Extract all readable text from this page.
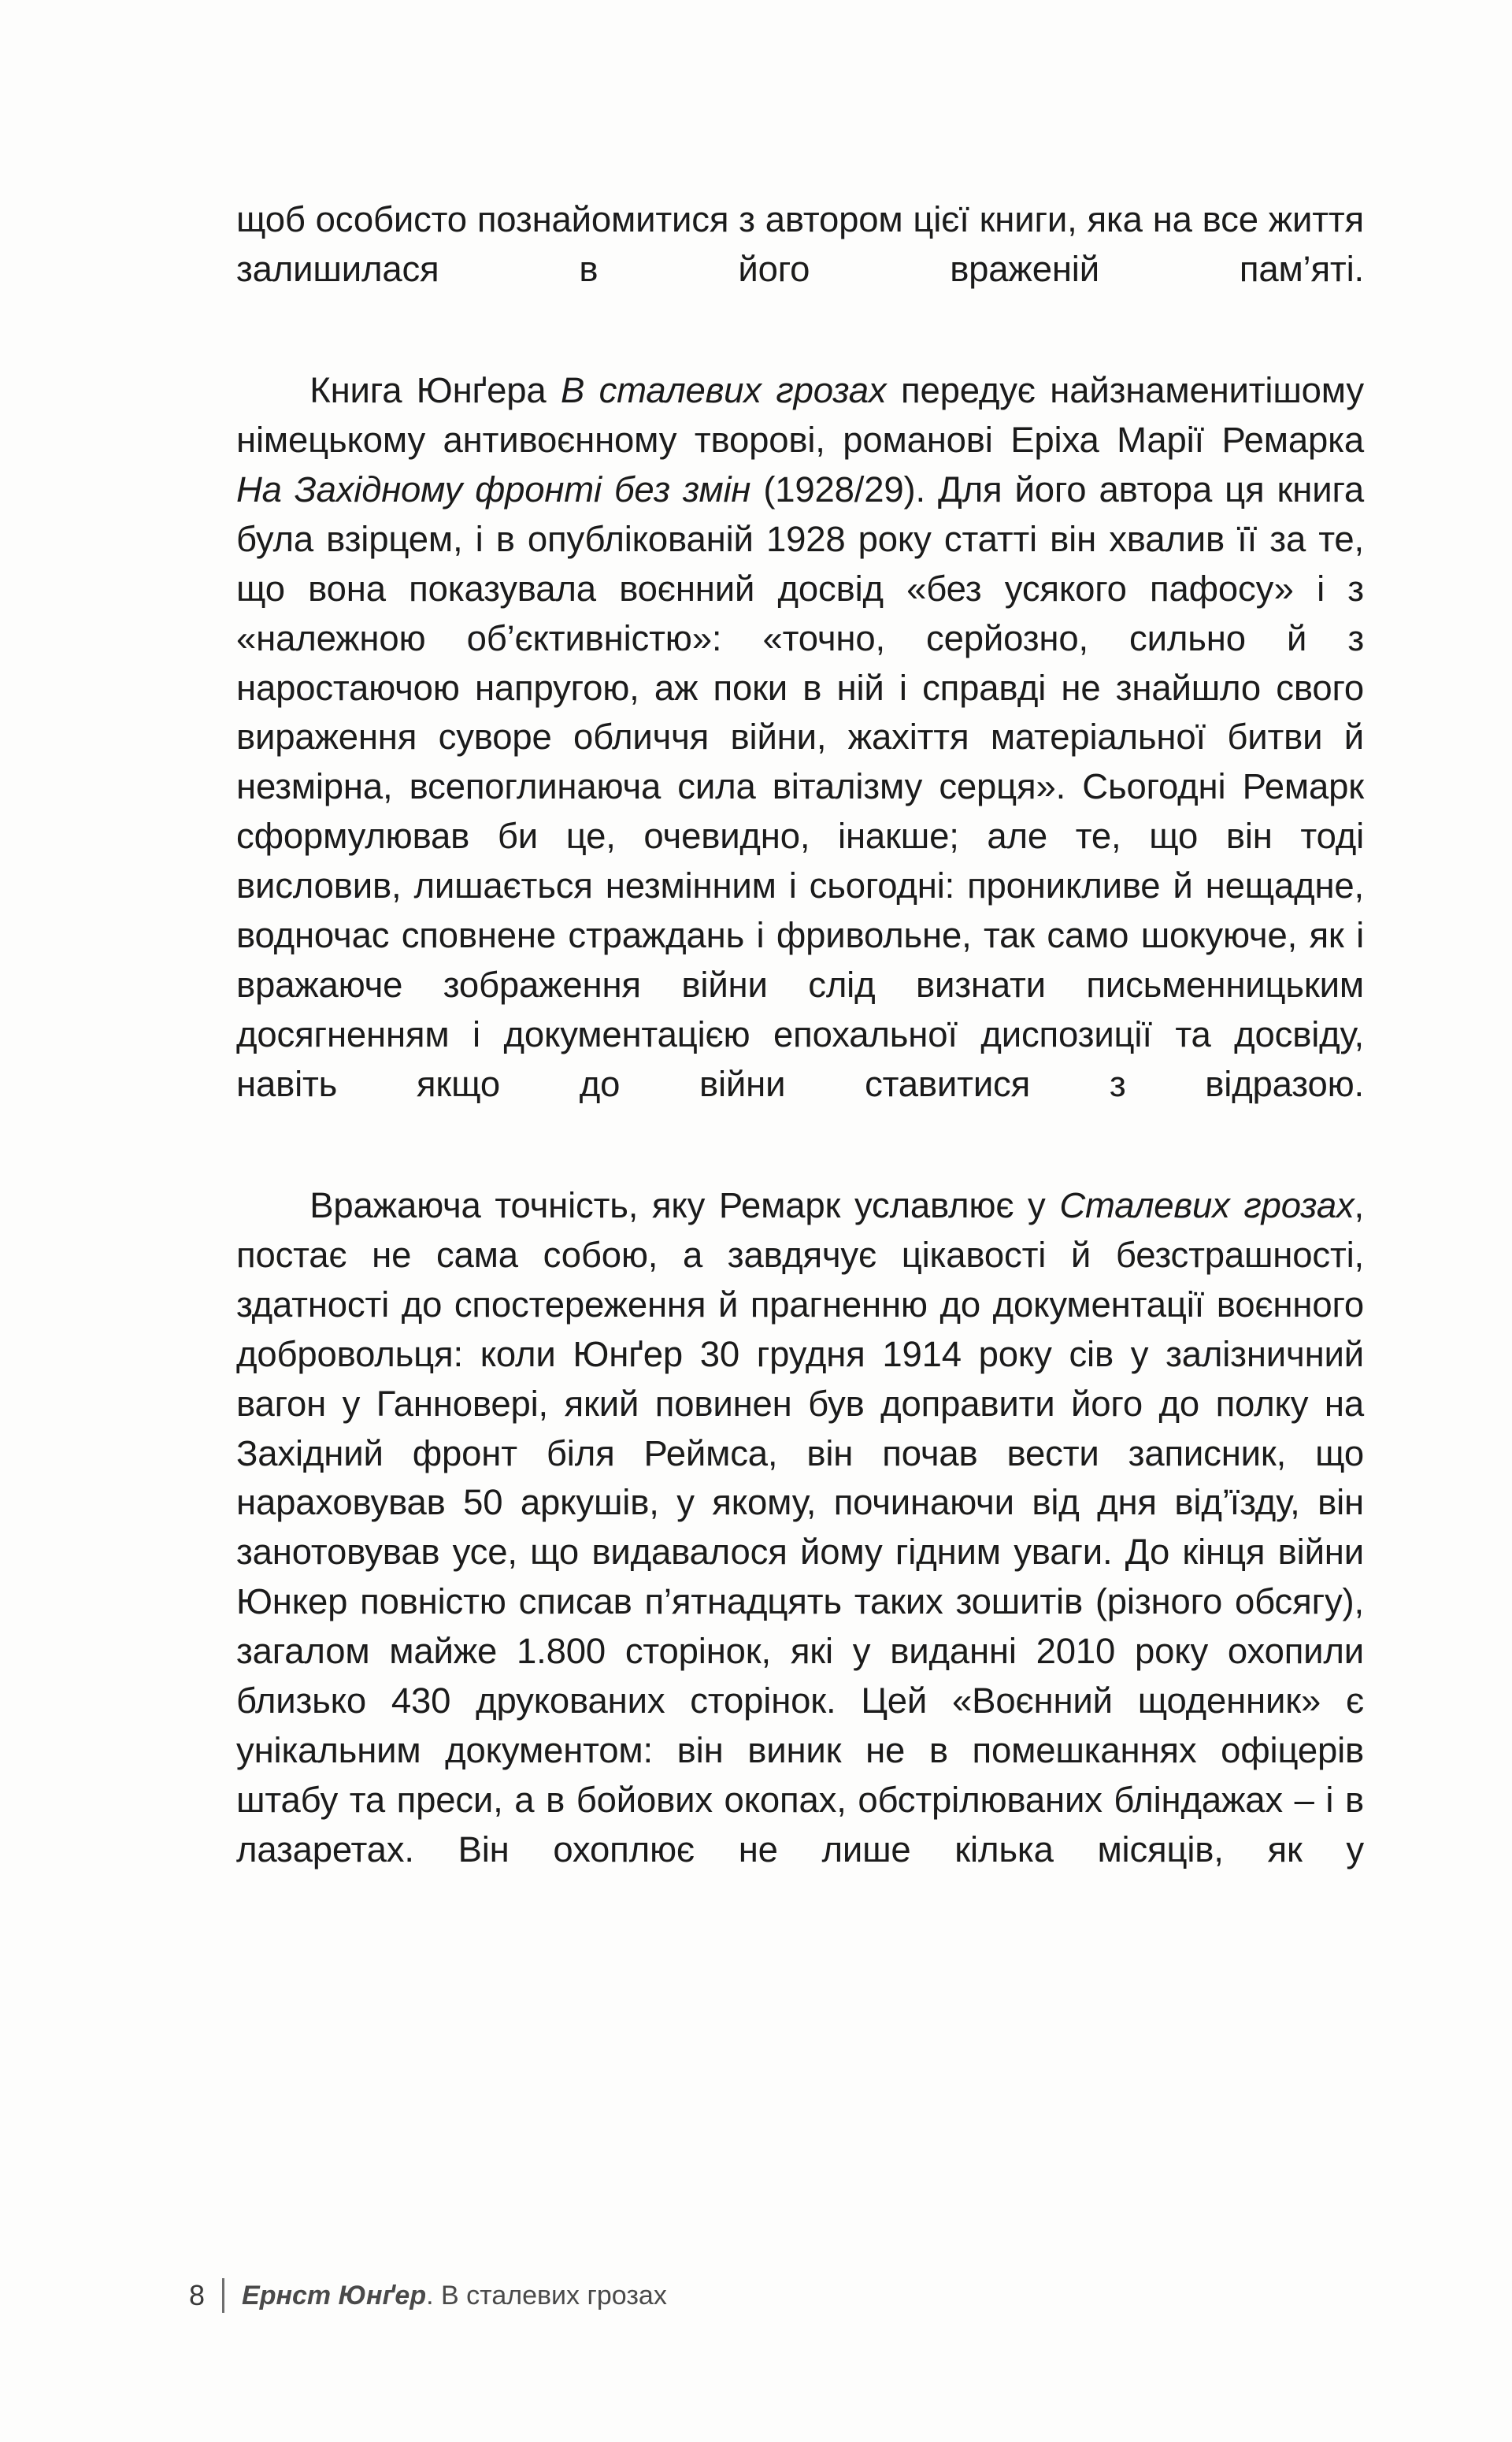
щоб особисто познайомитися з автором цієї книги, яка на все життя залишилася в його враженій пам’яті.

Книга Юнґера В сталевих грозах передує найзнаменитішому німецькому антивоєнному творові, романові Еріха Марії Ремарка На Західному фронті без змін (1928/29). Для його автора ця книга була взірцем, і в опублікованій 1928 року статті він хвалив її за те, що вона показувала воєнний досвід «без усякого пафосу» і з «належною об’єктивністю»: «точно, серйозно, сильно й з наростаючою напругою, аж поки в ній і справді не знайшло свого вираження суворе обличчя війни, жахіття матеріальної битви й незмірна, всепоглинаюча сила віталізму серця». Сьогодні Ремарк сформулював би це, очевидно, інакше; але те, що він тоді висловив, лишається незмінним і сьогодні: проникливе й нещадне, водночас сповнене страждань і фривольне, так само шокуюче, як і вражаюче зображення війни слід визнати письменницьким досягненням і документацією епохальної диспозиції та досвіду, навіть якщо до війни ставитися з відразою.

Вражаюча точність, яку Ремарк уславлює у Сталевих грозах, постає не сама собою, а завдячує цікавості й безстрашності, здатності до спостереження й прагненню до документації воєнного добровольця: коли Юнґер 30 грудня 1914 року сів у залізничний вагон у Ганновері, який повинен був доправити його до полку на Західний фронт біля Реймса, він почав вести записник, що нараховував 50 аркушів, у якому, починаючи від дня від’їзду, він занотовував усе, що видавалося йому гідним уваги. До кінця війни Юнкер повністю списав п’ятнадцять таких зошитів (різного обсягу), загалом майже 1.800 сторінок, які у виданні 2010 року охопили близько 430 друкованих сторінок. Цей «Воєнний щоденник» є унікальним документом: він виник не в помешканнях офіцерів штабу та преси, а в бойових окопах, обстрілюваних бліндажах – і в лазаретах. Він охоплює не лише кілька місяців, як у

8	Ернст Юнґер. В сталевих грозах
